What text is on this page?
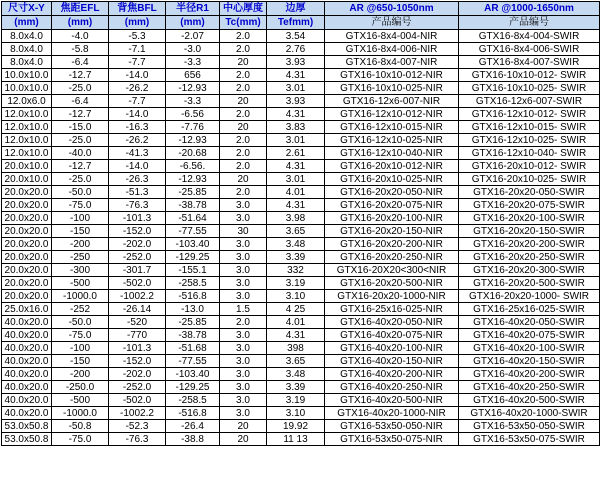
尺寸X-Y	焦距EFL	背焦BFL	半径R1	中心厚度	边厚	AR @650-1050nm	AR @1000-1650nm
(mm)	(mm)	(mm)	(mm)	Tc(mm)	Tefmm)	产品编号	产品编号
8.0x4.0	-4.0	-5.3	-2.07	2.0	3.54	GTX16-8x4-004-NIR	GTX16-8x4-004-SWIR
8.0x4.0	-5.8	-7.1	-3.0	2.0	2.76	GTX16-8x4-006-NIR	GTX16-8x4-006-SWIR
8.0x4.0	-6.4	-7.7	-3.3	20	3.93	GTX16-8x4-007-NIR	GTX16-8x4-007-SWIR
10.0x10.0	-12.7	-14.0	656	2.0	4.31	GTX16-10x10-012-NIR	GTX16-10x10-012- SWIR
10.0x10.0	-25.0	-26.2	-12.93	2.0	3.01	GTX16-10x10-025-NIR	GTX16-10x10-025- SWIR
12.0x6.0	-6.4	-7.7	-3.3	20	3.93	GTX16-12x6-007-NIR	GTX16-12x6-007-SWIR
12.0x10.0	-12.7	-14.0	-6.56	2.0	4.31	GTX16-12x10-012-NIR	GTX16-12x10-012- SWIR
12.0x10.0	-15.0	-16.3	-7.76	20	3.83	GTX16-12x10-015-NIR	GTX16-12x10-015- SWIR
12.0x10.0	-25.0	-26.2	-12.93	2.0	3.01	GTX16-12x10-025-NIR	GTX16-12x10-025- SWIR
12.0x10.0	-40.0	-41.3	-20.68	2.0	2.61	GTX16-12x10-040-NIR	GTX16-12x10-040- SWIR
20.0x10.0	-12.7	-14.0	-6.56.	2.0	4.31	GTX16-20x10-012-NIR	GTX16-20x10-012- SWIR
20.0x10.0	-25.0	-26.3	-12.93	20	3.01	GTX16-20x10-025-NIR	GTX16-20x10-025- SWIR
20.0x20.0	-50.0	-51.3	-25.85	2.0	4.01	GTX16-20x20-050-NIR	GTX16-20x20-050-SWIR
20.0x20.0	-75.0	-76.3	-38.78	3.0	4.31	GTX16-20x20-075-NIR	GTX16-20x20-075-SWIR
20.0x20.0	-100	-101.3	-51.64	3.0	3.98	GTX16-20x20-100-NIR	GTX16-20x20-100-SWIR
20.0x20.0	-150	-152.0	-77.55	30	3.65	GTX16-20x20-150-NIR	GTX16-20x20-150-SWIR
20.0x20.0	-200	-202.0	-103.40	3.0	3.48	GTX16-20x20-200-NIR	GTX16-20x20-200-SWIR
20.0x20.0	-250	-252.0	-129.25	3.0	3.39	GTX16-20x20-250-NIR	GTX16-20x20-250-SWIR
20.0x20.0	-300	-301.7	-155.1	3.0	332	GTX16-20X20<300<NIR	GTX16-20x20-300-SWIR
20.0x20.0	-500	-502.0	-258.5	3.0	3.19	GTX16-20x20-500-NIR	GTX16-20x20-500-SWIR
20.0x20.0	-1000.0	-1002.2	-516.8	3.0	3.10	GTX16-20x20-1000-NIR	GTX16-20x20-1000- SWIR
25.0x16.0	-252	-26.14	-13.0	1.5	4 25	GTX16-25x16-025-NIR	GTX16-25x16-025-SWIR
40.0x20.0	-50.0	-520	-25.85	2.0	4.01	GTX16-40x20-050-NIR	GTX16-40x20-050-SWIR
40.0x20.0	-75.0	-770	-38.78	3.0	4.31	GTX16-40x20-075-NIR	GTX16-40x20-075-SWIR
40.0x20.0	-100	-101.3	-51.68	3.0	398	GTX16-40x20-100-NIR	GTX16-40x20-100-SWIR
40.0x20.0	-150	-152.0	-77.55	3.0	3.65	GTX16-40x20-150-NIR	GTX16-40x20-150-SWIR
40.0x20.0	-200	-202.0	-103.40	3.0	3.48	GTX16-40x20-200-NIR	GTX16-40x20-200-SWIR
40.0x20.0	-250.0	-252.0	-129.25	3.0	3.39	GTX16-40x20-250-NIR	GTX16-40x20-250-SWIR
40.0x20.0	-500	-502.0	-258.5	3.0	3.19	GTX16-40x20-500-NIR	GTX16-40x20-500-SWIR
40.0x20.0	-1000.0	-1002.2	-516.8	3.0	3.10	GTX16-40x20-1000-NIR	GTX16-40x20-1000-SWIR
53.0x50.8	-50.8	-52.3	-26.4	20	19.92	GTX16-53x50-050-NIR	GTX16-53x50-050-SWIR
53.0x50.8	-75.0	-76.3	-38.8	20	11 13	GTX16-53x50-075-NIR	GTX16-53x50-075-SWIR
